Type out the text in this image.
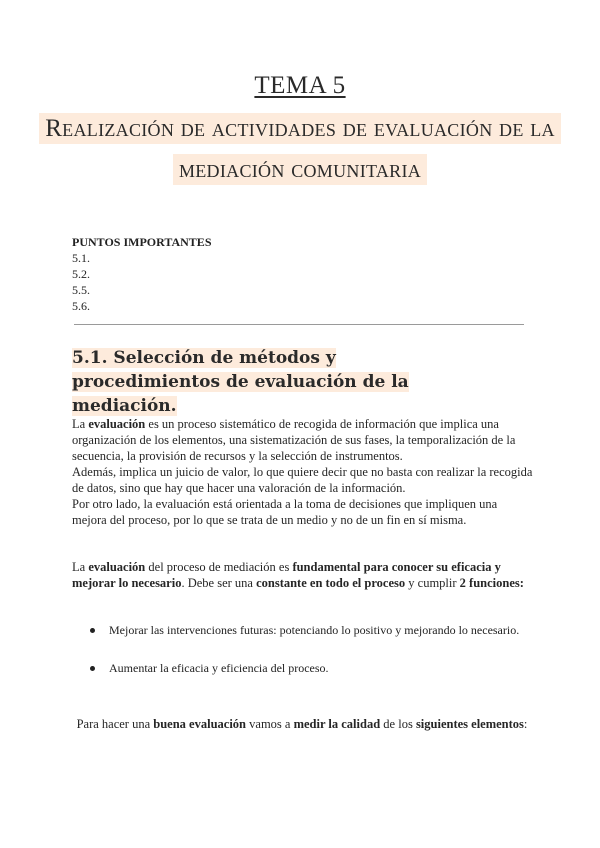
TEMA 5
Realización de actividades de evaluación de la
mediación comunitaria
PUNTOS IMPORTANTES
5.1.
5.2.
5.5.
5.6.
5.1. Selección de métodos y procedimientos de evaluación de la mediación.
La evaluación es un proceso sistemático de recogida de información que implica una organización de los elementos, una sistematización de sus fases, la temporalización de la secuencia, la provisión de recursos y la selección de instrumentos.
Además, implica un juicio de valor, lo que quiere decir que no basta con realizar la recogida de datos, sino que hay que hacer una valoración de la información.
Por otro lado, la evaluación está orientada a la toma de decisiones que impliquen una mejora del proceso, por lo que se trata de un medio y no de un fin en sí misma.
La evaluación del proceso de mediación es fundamental para conocer su eficacia y mejorar lo necesario. Debe ser una constante en todo el proceso y cumplir 2 funciones:
Mejorar las intervenciones futuras: potenciando lo positivo y mejorando lo necesario.
Aumentar la eficacia y eficiencia del proceso.
Para hacer una buena evaluación vamos a medir la calidad de los siguientes elementos:
